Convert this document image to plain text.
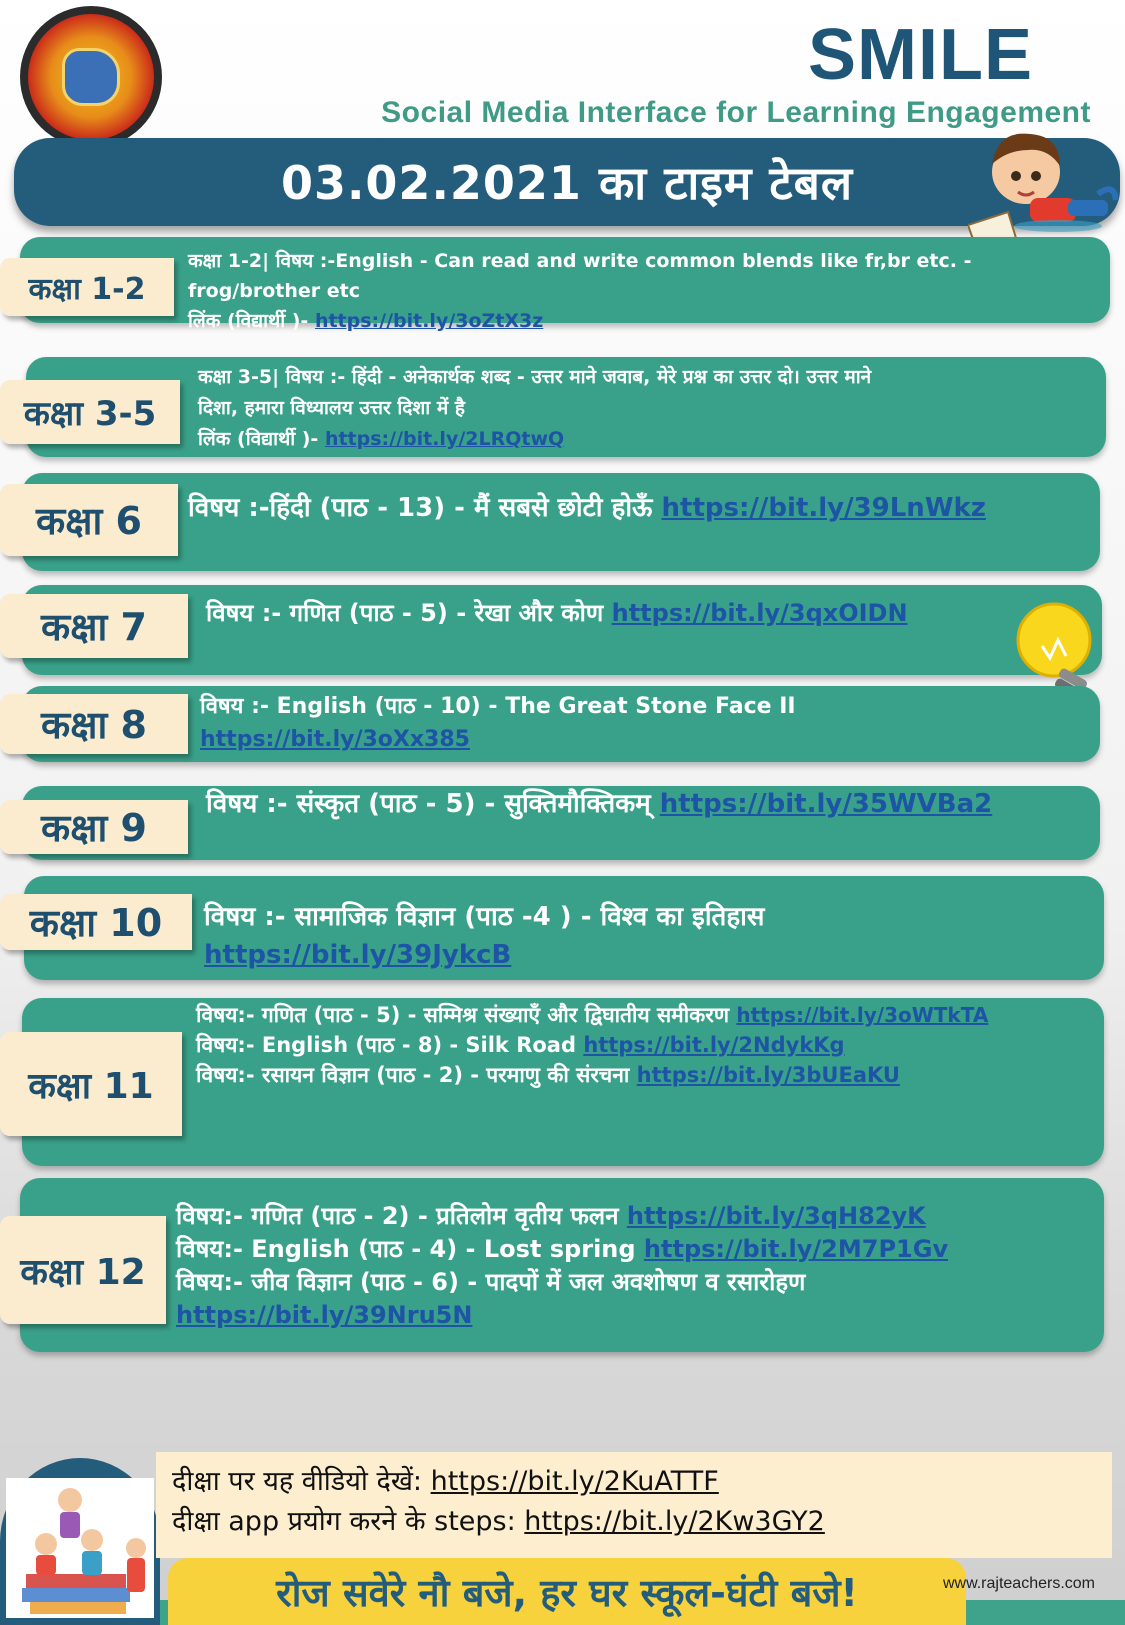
SMILE
Social Media Interface for Learning Engagement
03.02.2021 का टाइम टेबल
कक्षा 1-2
कक्षा 1-2| विषय :-English - Can read and write common blends like fr,br etc. -
frog/brother etc
लिंक (विद्यार्थी )- https://bit.ly/3oZtX3z
कक्षा 3-5
कक्षा 3-5| विषय :- हिंदी - अनेकार्थक शब्द - उत्तर माने जवाब, मेरे प्रश्न का उत्तर दो। उत्तर माने
दिशा, हमारा विध्यालय उत्तर दिशा में है
लिंक (विद्यार्थी )- https://bit.ly/2LRQtwQ
कक्षा 6 विषय :-हिंदी (पाठ - 13) - मैं सबसे छोटी होऊँ https://bit.ly/39LnWkz
कक्षा 7 विषय :- गणित (पाठ - 5) - रेखा और कोण https://bit.ly/3qxOIDN
कक्षा 8 विषय :- English (पाठ - 10) - The Great Stone Face II
https://bit.ly/3oXx385
कक्षा 9
विषय :- संस्कृत (पाठ - 5) - सुक्तिमौक्तिकम् https://bit.ly/35WVBa2
कक्षा 10 विषय :- सामाजिक विज्ञान (पाठ -4 ) - विश्व का इतिहास
https://bit.ly/39JykcB
कक्षा 11
विषय:- गणित (पाठ - 5) - सम्मिश्र संख्याएँ और द्विघातीय समीकरण https://bit.ly/3oWTkTA
विषय:- English (पाठ - 8) - Silk Road https://bit.ly/2NdykKg
विषय:- रसायन विज्ञान (पाठ - 2) - परमाणु की संरचना https://bit.ly/3bUEaKU
कक्षा 12
विषय:- गणित (पाठ - 2) - प्रतिलोम वृतीय फलन https://bit.ly/3qH82yK
विषय:- English (पाठ - 4) - Lost spring https://bit.ly/2M7P1Gv
विषय:- जीव विज्ञान (पाठ - 6) - पादपों में जल अवशोषण व रसारोहण
https://bit.ly/39Nru5N
दीक्षा पर यह वीडियो देखें: https://bit.ly/2KuATTF
दीक्षा app प्रयोग करने के steps: https://bit.ly/2Kw3GY2
रोज सवेरे नौ बजे, हर घर स्कूल-घंटी बजे!	www.rajteachers.com
